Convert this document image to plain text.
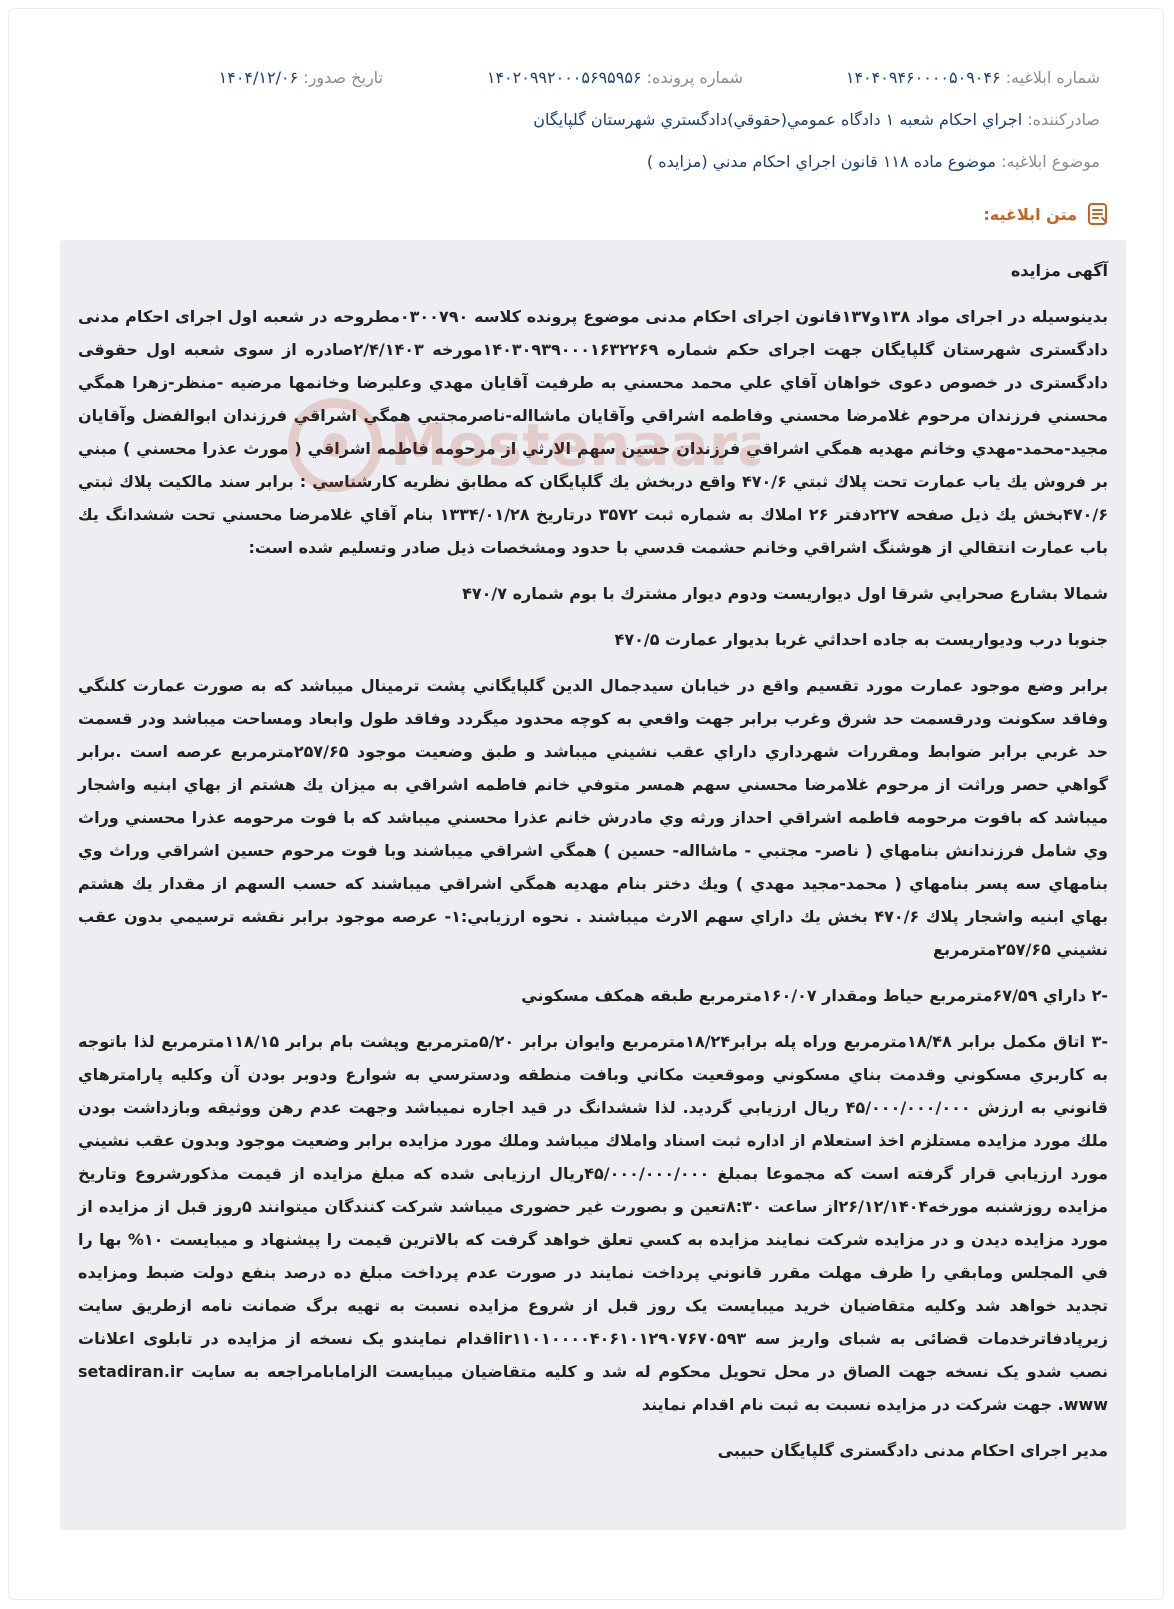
شماره ابلاغیه: ۱۴۰۴۰۹۴۶۰۰۰۰۵۰۹۰۴۶
شماره پرونده: ۱۴۰۲۰۹۹۲۰۰۰۵۶۹۵۹۵۶
تاریخ صدور: ۱۴۰۴/۱۲/۰۶
صادرکننده: اجراي احكام شعبه ۱ دادگاه عمومي(حقوقي)دادگستري شهرستان گلپايگان
موضوع ابلاغیه: موضوع ماده ۱۱۸ قانون اجراي احكام مدني (مزايده )
متن ابلاغیه:
Mostenaara

آگهی مزایده

بدینوسیله در اجرای مواد ۱۳۸و۱۳۷قانون اجرای احکام مدنی موضوع پرونده کلاسه ۰۳۰۰۷۹۰مطروحه در شعبه اول اجرای احکام مدنی دادگستری شهرستان گلپایگان جهت اجرای حکم شماره ۱۴۰۳۰۹۳۹۰۰۰۱۶۳۲۲۶۹مورخه ۲/۴/۱۴۰۳صادره از سوی شعبه اول حقوقی دادگستری در خصوص دعوی خواهان آقاي علي محمد محسني به طرفيت آقايان مهدي وعليرضا وخانمها مرضيه -منظر-زهرا همگي محسني فرزندان مرحوم غلامرضا محسني وفاطمه اشراقي وآقايان ماشااله-ناصرمجتبي همگي اشراقي فرزندان ابوالفضل وآقايان مجيد-محمد-مهدي وخانم مهديه همگي اشراقي فرزندان حسين سهم الارثي از مرحومه فاطمه اشراقي ( مورث عذرا محسني ) مبني بر فروش يك ياب عمارت تحت پلاك ثبتي ۴۷۰/۶ واقع دربخش يك گلپايگان كه مطابق نظريه كارشناسي : برابر سند مالكيت پلاك ثبتي ۴۷۰/۶بخش يك ذيل صفحه ۲۲۷دفتر ۲۶ املاك به شماره ثبت ۳۵۷۲ درتاريخ ۱۳۳۴/۰۱/۲۸ بنام آقاي غلامرضا محسني تحت ششدانگ يك باب عمارت انتقالي از هوشنگ اشراقي وخانم حشمت قدسي با حدود ومشخصات ذيل صادر وتسليم شده است:

شمالا بشارع صحرايي شرقا اول ديواريست ودوم ديوار مشترك با بوم شماره ۴۷۰/۷

جنوبا درب وديواريست به جاده احداثي غربا بديوار عمارت ۴۷۰/۵

برابر وضع موجود عمارت مورد تقسيم واقع در خيابان سيدجمال الدين گلپايگاني پشت ترمينال ميباشد كه به صورت عمارت كلنگي وفاقد سكونت ودرقسمت حد شرق وغرب برابر جهت واقعي به كوچه محدود ميگردد وفاقد طول وابعاد ومساحت ميباشد ودر قسمت حد غربي برابر ضوابط ومقررات شهرداري داراي عقب نشيني ميباشد و طبق وضعيت موجود ۲۵۷/۶۵مترمربع عرصه است .برابر گواهي حصر وراثت از مرحوم غلامرضا محسني سهم همسر متوفي خانم فاطمه اشراقي به ميزان يك هشتم از بهاي ابنيه واشجار ميباشد كه بافوت مرحومه فاطمه اشراقي احداز ورثه وي مادرش خانم عذرا محسني ميباشد كه با فوت مرحومه عذرا محسني وراث وي شامل فرزندانش بنامهاي ( ناصر- مجتبي - ماشااله- حسين ) همگي اشراقي ميباشند وبا فوت مرحوم حسين اشراقي وراث وي بنامهاي سه پسر بنامهاي ( محمد-مجيد مهدي ) ويك دختر بنام مهديه همگي اشراقي ميباشند كه حسب السهم از مقدار يك هشتم بهاي ابنيه واشجار پلاك ۴۷۰/۶ بخش يك داراي سهم الارث ميباشند . نحوه ارزيابي:۱- عرصه موجود برابر نقشه ترسيمي بدون عقب نشيني ۲۵۷/۶۵مترمربع

-۲ داراي ۶۷/۵۹مترمربع حياط ومقدار ۱۶۰/۰۷مترمربع طبقه همكف مسكوني

-۳ اتاق مكمل برابر ۱۸/۴۸مترمربع وراه پله برابر۱۸/۲۴مترمربع وايوان برابر ۵/۲۰مترمربع وپشت بام برابر ۱۱۸/۱۵مترمربع لذا باتوجه به كاربري مسكوني وقدمت بناي مسكوني وموقعيت مكاني وبافت منطقه ودسترسي به شوارع ودوبر بودن آن وكليه پارامترهاي قانوني به ارزش ۴۵/۰۰۰/۰۰۰/۰۰۰ ريال ارزيابي گرديد. لذا ششدانگ در قيد اجاره نمیباشد وجهت عدم رهن ووثيقه وبازداشت بودن ملك مورد مزايده مستلزم اخذ استعلام از اداره ثبت اسناد واملاك ميباشد وملك مورد مزايده برابر وضعيت موجود وبدون عقب نشيني مورد ارزيابي قرار گرفته است كه مجموعا بمبلغ ۴۵/۰۰۰/۰۰۰/۰۰۰ريال ارزيابی شده كه مبلغ مزايده از قيمت مذكورشروع وتاريخ مزايده روزشنبه مورخه۲۶/۱۲/۱۴۰۴از ساعت ۸:۳۰تعين و بصورت غیر حضوری ميباشد شركت كنندگان ميتوانند ۵روز قبل از مزايده از مورد مزايده ديدن و در مزايده شركت نمايند مزايده به كسي تعلق خواهد گرفت كه بالاترين قيمت را پيشنهاد و ميبايست ۱۰% بها را في المجلس ومابقي را ظرف مهلت مقرر قانوني پرداخت نمايند در صورت عدم پرداخت مبلغ ده درصد بنفع دولت ضبط ومزايده تجديد خواهد شد وكليه متقاضيان خريد ميبايست يک روز قبل از شروع مزايده نسبت به تهيه برگ ضمانت نامه ازطريق سايت زيرپادفاترخدمات قضائی به شبای واریز سه ir۱۱۰۱۰۰۰۰۴۰۶۱۰۱۲۹۰۷۶۷۰۵۹۳اقدام نمایندو يک نسخه از مزايده در تابلوی اعلانات نصب شدو يک نسخه جهت الصاق در محل تحويل محکوم له شد و کليه متقاضيان ميبايست الزامابامراجعه به سايت setadiran.ir www. جهت شركت در مزايده نسبت به ثبت نام اقدام نمایند

مدير اجرای احکام مدنی دادگستری گلپايگان حبيبی
